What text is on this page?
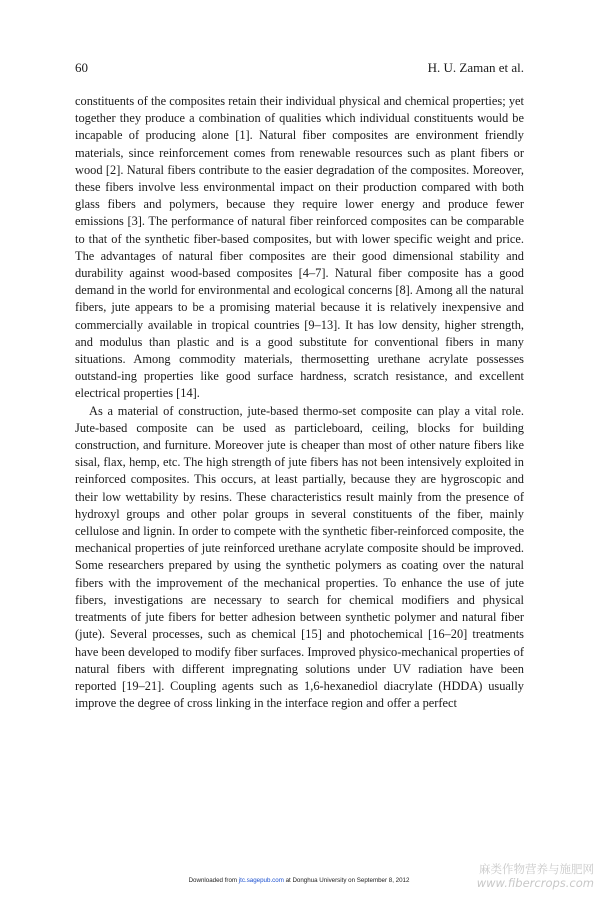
60	H. U. Zaman et al.

constituents of the composites retain their individual physical and chemical properties; yet together they produce a combination of qualities which individual constituents would be incapable of producing alone [1]. Natural fiber composites are environment friendly materials, since reinforcement comes from renewable resources such as plant fibers or wood [2]. Natural fibers contribute to the easier degradation of the composites. Moreover, these fibers involve less environmental impact on their production compared with both glass fibers and polymers, because they require lower energy and produce fewer emissions [3]. The performance of natural fiber reinforced composites can be comparable to that of the synthetic fiber-based composites, but with lower specific weight and price. The advantages of natural fiber composites are their good dimensional stability and durability against wood-based composites [4–7]. Natural fiber composite has a good demand in the world for environmental and ecological concerns [8]. Among all the natural fibers, jute appears to be a promising material because it is relatively inexpensive and commercially available in tropical countries [9–13]. It has low density, higher strength, and modulus than plastic and is a good substitute for conventional fibers in many situations. Among commodity materials, thermosetting urethane acrylate possesses outstand-ing properties like good surface hardness, scratch resistance, and excellent electrical properties [14].

As a material of construction, jute-based thermo-set composite can play a vital role. Jute-based composite can be used as particleboard, ceiling, blocks for building construction, and furniture. Moreover jute is cheaper than most of other nature fibers like sisal, flax, hemp, etc. The high strength of jute fibers has not been intensively exploited in reinforced composites. This occurs, at least partially, because they are hygroscopic and their low wettability by resins. These characteristics result mainly from the presence of hydroxyl groups and other polar groups in several constituents of the fiber, mainly cellulose and lignin. In order to compete with the synthetic fiber-reinforced composite, the mechanical properties of jute reinforced urethane acrylate composite should be improved. Some researchers prepared by using the synthetic polymers as coating over the natural fibers with the improvement of the mechanical properties. To enhance the use of jute fibers, investigations are necessary to search for chemical modifiers and physical treatments of jute fibers for better adhesion between synthetic polymer and natural fiber (jute). Several processes, such as chemical [15] and photochemical [16–20] treatments have been developed to modify fiber surfaces. Improved physico-mechanical properties of natural fibers with different impregnating solutions under UV radiation have been reported [19–21]. Coupling agents such as 1,6-hexanediol diacrylate (HDDA) usually improve the degree of cross linking in the interface region and offer a perfect

Downloaded from jtc.sagepub.com at Donghua University on September 8, 2012
麻类作物营养与施肥网
www.fibercrops.com
